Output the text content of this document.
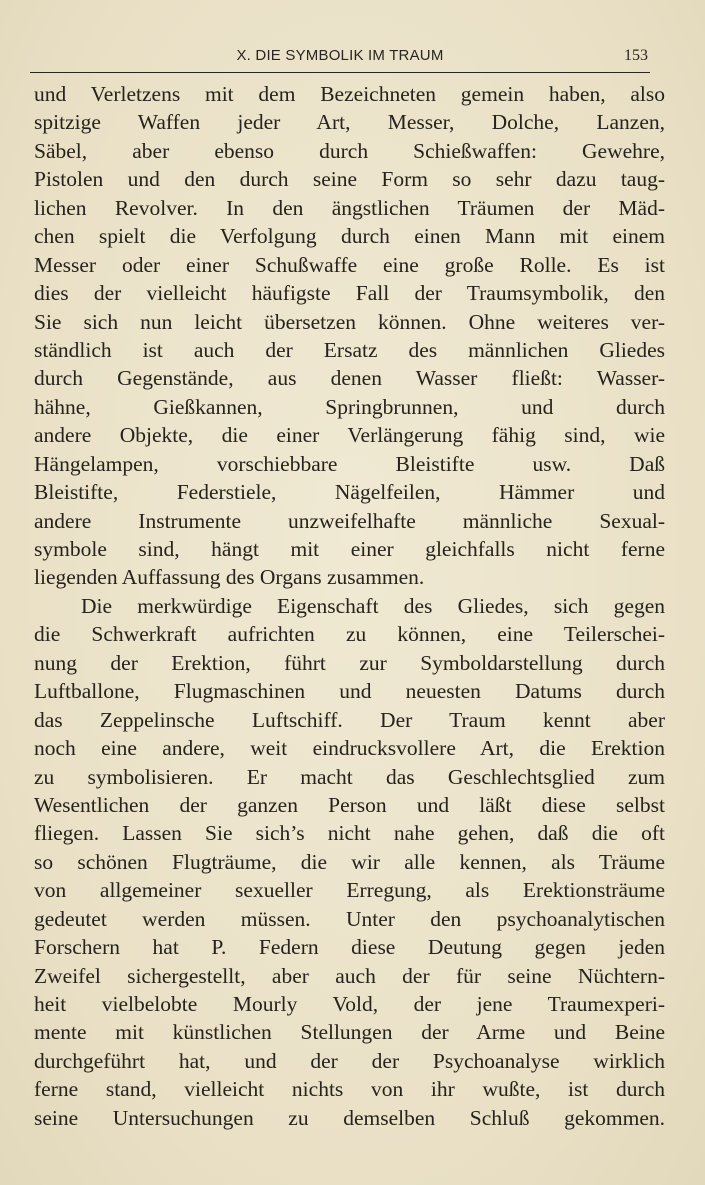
X. DIE SYMBOLIK IM TRAUM	153
und Verletzens mit dem Bezeichneten gemein haben, also
spitzige Waffen jeder Art, Messer, Dolche, Lanzen,
Säbel, aber ebenso durch Schießwaffen: Gewehre,
Pistolen und den durch seine Form so sehr dazu taug-
lichen Revolver. In den ängstlichen Träumen der Mäd-
chen spielt die Verfolgung durch einen Mann mit einem
Messer oder einer Schußwaffe eine große Rolle. Es ist
dies der vielleicht häufigste Fall der Traumsymbolik, den
Sie sich nun leicht übersetzen können. Ohne weiteres ver-
ständlich ist auch der Ersatz des männlichen Gliedes
durch Gegenstände, aus denen Wasser fließt: Wasser-
hähne, Gießkannen, Springbrunnen, und durch
andere Objekte, die einer Verlängerung fähig sind, wie
Hängelampen, vorschiebbare Bleistifte usw. Daß
Bleistifte, Federstiele, Nägelfeilen, Hämmer und
andere Instrumente unzweifelhafte männliche Sexual-
symbole sind, hängt mit einer gleichfalls nicht ferne
liegenden Auffassung des Organs zusammen.
Die merkwürdige Eigenschaft des Gliedes, sich gegen
die Schwerkraft aufrichten zu können, eine Teilerschei-
nung der Erektion, führt zur Symboldarstellung durch
Luftballone, Flugmaschinen und neuesten Datums durch
das Zeppelinsche Luftschiff. Der Traum kennt aber
noch eine andere, weit eindrucksvollere Art, die Erektion
zu symbolisieren. Er macht das Geschlechtsglied zum
Wesentlichen der ganzen Person und läßt diese selbst
fliegen. Lassen Sie sich’s nicht nahe gehen, daß die oft
so schönen Flugträume, die wir alle kennen, als Träume
von allgemeiner sexueller Erregung, als Erektionsträume
gedeutet werden müssen. Unter den psychoanalytischen
Forschern hat P. Federn diese Deutung gegen jeden
Zweifel sichergestellt, aber auch der für seine Nüchtern-
heit vielbelobte Mourly Vold, der jene Traumexperi-
mente mit künstlichen Stellungen der Arme und Beine
durchgeführt hat, und der der Psychoanalyse wirklich
ferne stand, vielleicht nichts von ihr wußte, ist durch
seine Untersuchungen zu demselben Schluß gekommen.
